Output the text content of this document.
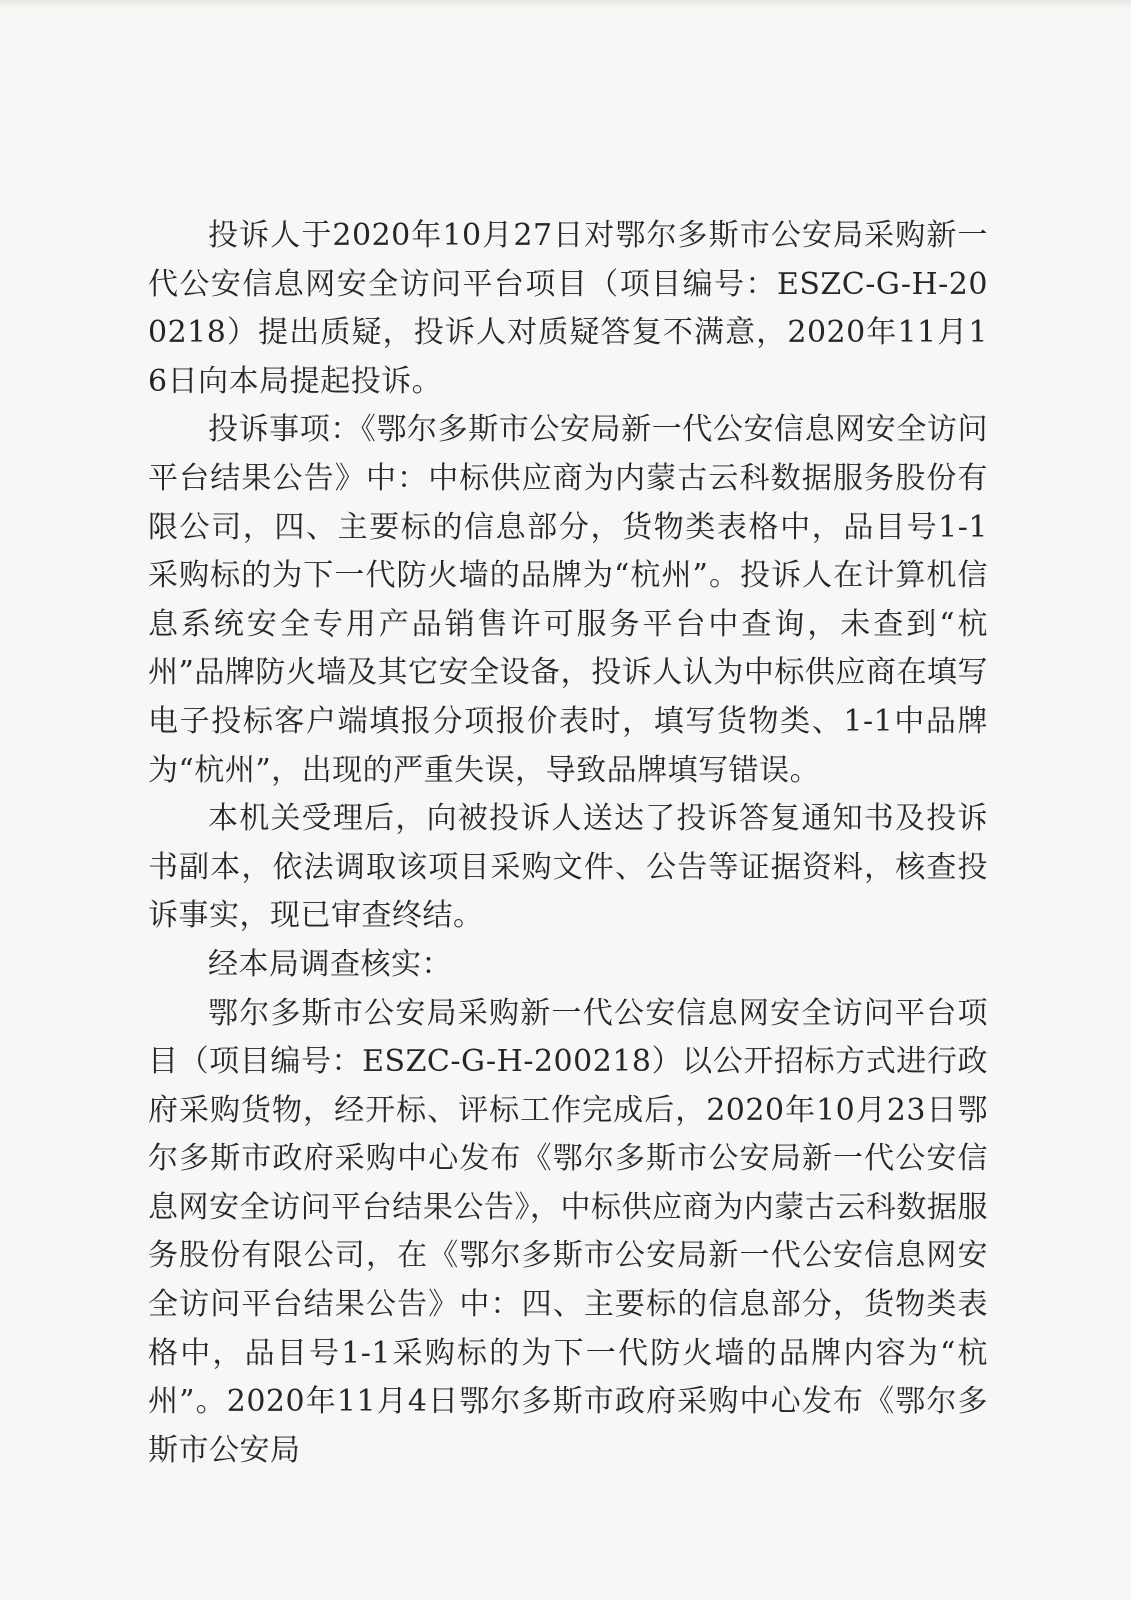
投诉人于2020年10月27日对鄂尔多斯市公安局采购新一代公安信息网安全访问平台项目（项目编号：ESZC-G-H-200218）提出质疑，投诉人对质疑答复不满意，2020年11月16日向本局提起投诉。

投诉事项：《鄂尔多斯市公安局新一代公安信息网安全访问平台结果公告》中：中标供应商为内蒙古云科数据服务股份有限公司，四、主要标的信息部分，货物类表格中，品目号1-1采购标的为下一代防火墙的品牌为“杭州”。投诉人在计算机信息系统安全专用产品销售许可服务平台中查询，未查到“杭州”品牌防火墙及其它安全设备，投诉人认为中标供应商在填写电子投标客户端填报分项报价表时，填写货物类、1-1中品牌为“杭州”，出现的严重失误，导致品牌填写错误。

本机关受理后，向被投诉人送达了投诉答复通知书及投诉书副本，依法调取该项目采购文件、公告等证据资料，核查投诉事实，现已审查终结。

经本局调查核实：

鄂尔多斯市公安局采购新一代公安信息网安全访问平台项目（项目编号：ESZC-G-H-200218）以公开招标方式进行政府采购货物，经开标、评标工作完成后，2020年10月23日鄂尔多斯市政府采购中心发布《鄂尔多斯市公安局新一代公安信息网安全访问平台结果公告》，中标供应商为内蒙古云科数据服务股份有限公司，在《鄂尔多斯市公安局新一代公安信息网安全访问平台结果公告》中：四、主要标的信息部分，货物类表格中，品目号1-1采购标的为下一代防火墙的品牌内容为“杭州”。2020年11月4日鄂尔多斯市政府采购中心发布《鄂尔多斯市公安局
